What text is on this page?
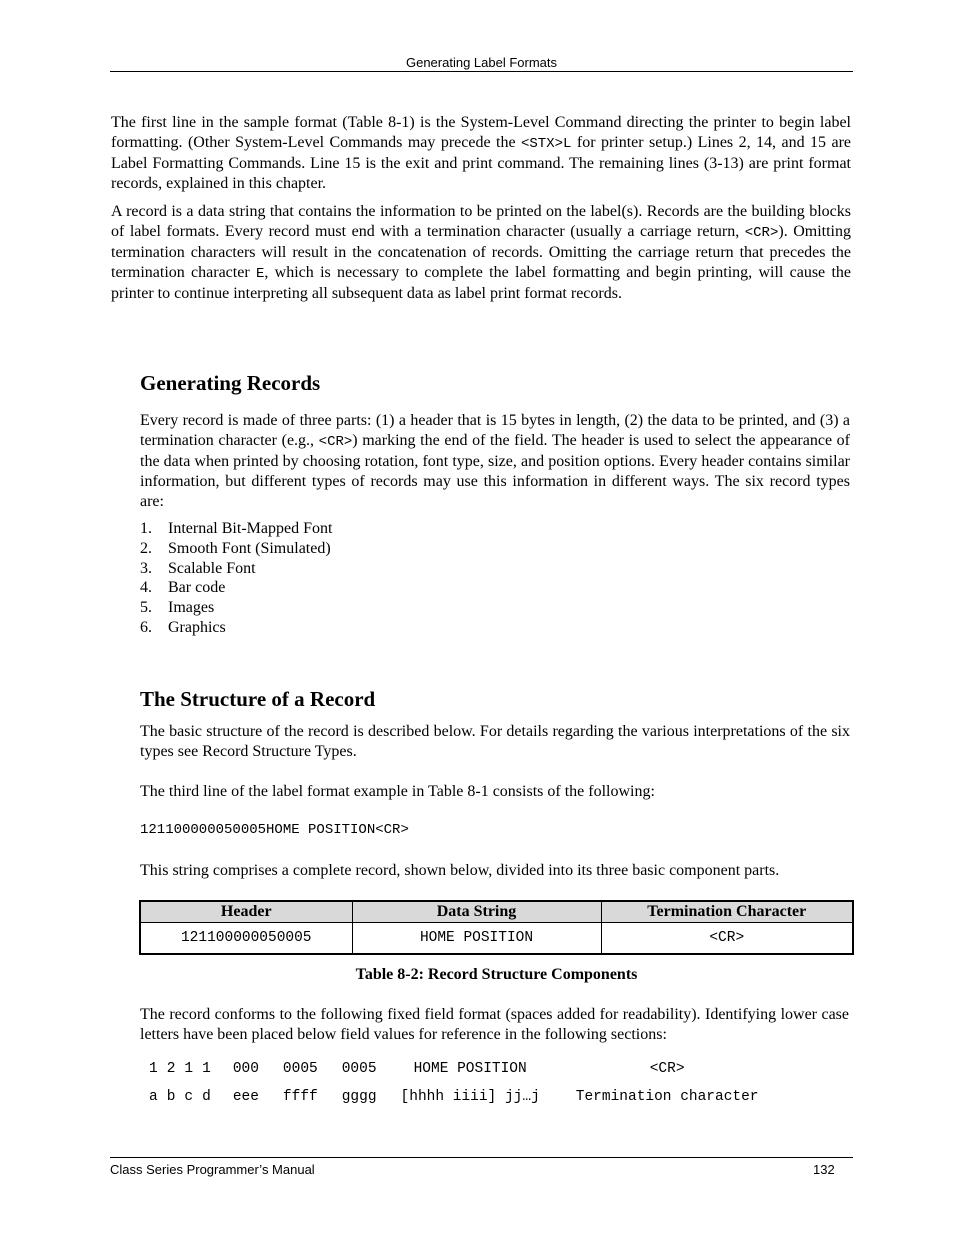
Generating Label Formats

The first line in the sample format (Table 8-1) is the System-Level Command directing the printer to begin label formatting. (Other System-Level Commands may precede the <STX>L for printer setup.) Lines 2, 14, and 15 are Label Formatting Commands. Line 15 is the exit and print command. The remaining lines (3-13) are print format records, explained in this chapter.

A record is a data string that contains the information to be printed on the label(s). Records are the building blocks of label formats. Every record must end with a termination character (usually a carriage return, <CR>). Omitting termination characters will result in the concatenation of records. Omitting the carriage return that precedes the termination character E, which is necessary to complete the label formatting and begin printing, will cause the printer to continue interpreting all subsequent data as label print format records.

Generating Records

Every record is made of three parts: (1) a header that is 15 bytes in length, (2) the data to be printed, and (3) a termination character (e.g., <CR>) marking the end of the field. The header is used to select the appearance of the data when printed by choosing rotation, font type, size, and position options. Every header contains similar information, but different types of records may use this information in different ways. The six record types are:

1.	Internal Bit-Mapped Font
2.	Smooth Font (Simulated)
3.	Scalable Font
4.	Bar code
5.	Images
6.	Graphics
The Structure of a Record

The basic structure of the record is described below. For details regarding the various interpretations of the six types see Record Structure Types.

The third line of the label format example in Table 8-1 consists of the following:

121100000050005HOME POSITION<CR>

This string comprises a complete record, shown below, divided into its three basic component parts.

Header	Data String	Termination Character
121100000050005	HOME POSITION	<CR>
Table 8-2: Record Structure Components

The record conforms to the following fixed field format (spaces added for readability). Identifying lower case letters have been placed below field values for reference in the following sections:

1	2	1	1	000	0005	0005	HOME POSITION	<CR>
a	b	c	d	eee	ffff	gggg	[hhhh iiii] jj…j	Termination character
Class Series Programmer’s Manual	132
